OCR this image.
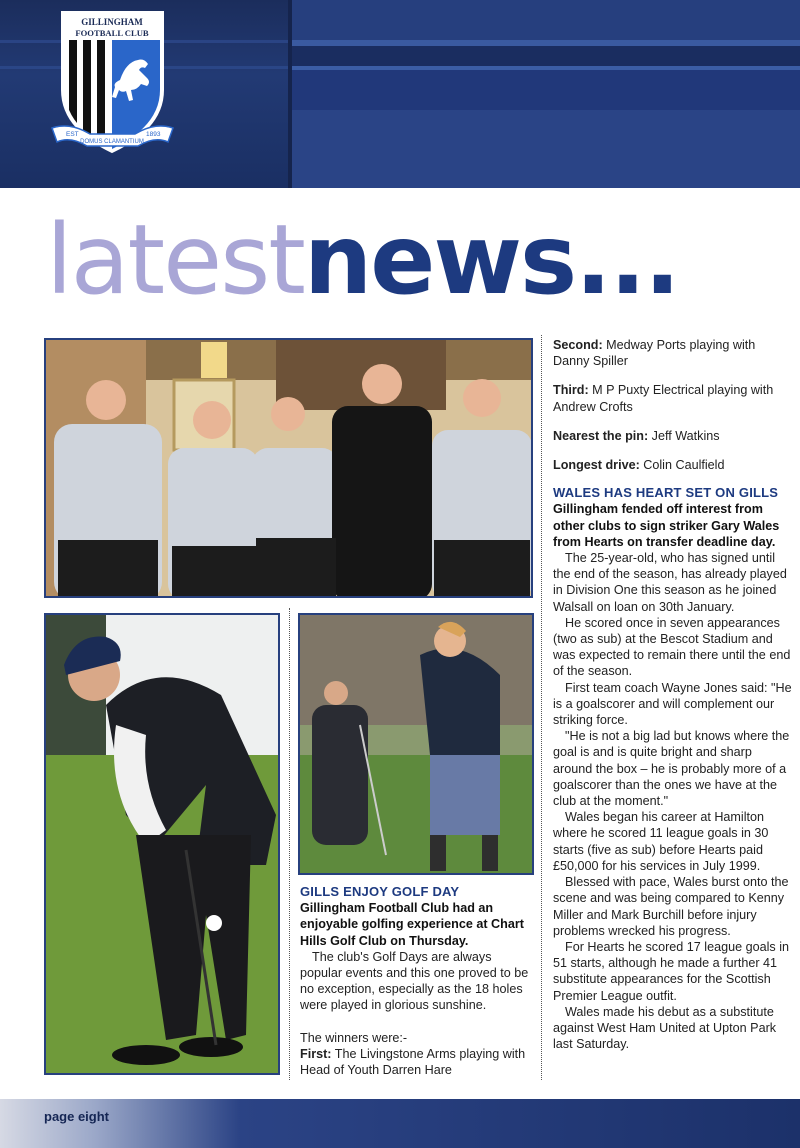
GILLINGHAM
FOOTBALL CLUB
EST	1893
DOMUS CLAMANTIUM
latestnews...

GILLS ENJOY GOLF DAY

Gillingham Football Club had an enjoyable golfing experience at Chart Hills Golf Club on Thursday.

The club's Golf Days are always popular events and this one proved to be no exception, especially as the 18 holes were played in glorious sunshine.

The winners were:-

First: The Livingstone Arms playing with Head of Youth Darren Hare

Second: Medway Ports playing with Danny Spiller

Third: M P Puxty Electrical playing with Andrew Crofts

Nearest the pin: Jeff Watkins

Longest drive: Colin Caulfield

WALES HAS HEART SET ON GILLS

Gillingham fended off interest from other clubs to sign striker Gary Wales from Hearts on transfer deadline day.

The 25-year-old, who has signed until the end of the season, has already played in Division One this season as he joined Walsall on loan on 30th January.

He scored once in seven appearances (two as sub) at the Bescot Stadium and was expected to remain there until the end of the season.

First team coach Wayne Jones said: "He is a goalscorer and will complement our striking force.

"He is not a big lad but knows where the goal is and is quite bright and sharp around the box – he is probably more of a goalscorer than the ones we have at the club at the moment."

Wales began his career at Hamilton where he scored 11 league goals in 30 starts (five as sub) before Hearts paid £50,000 for his services in July 1999.

Blessed with pace, Wales burst onto the scene and was being compared to Kenny Miller and Mark Burchill before injury problems wrecked his progress.

For Hearts he scored 17 league goals in 51 starts, although he made a further 41 substitute appearances for the Scottish Premier League outfit.

Wales made his debut as a substitute against West Ham United at Upton Park last Saturday.

page eight
